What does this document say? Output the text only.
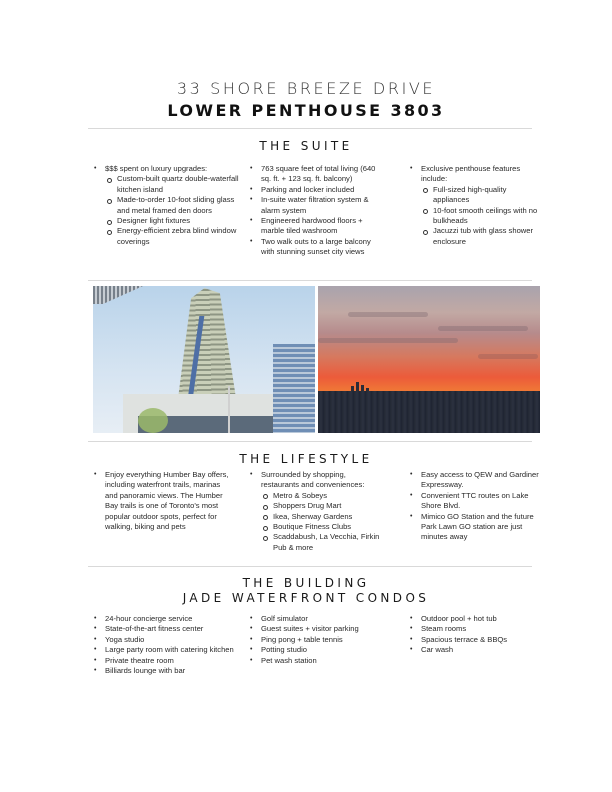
33 SHORE BREEZE DRIVE
LOWER PENTHOUSE 3803
THE SUITE
• $$$ spent on luxury upgrades:
Custom-built quartz double-waterfall kitchen island
Made-to-order 10-foot sliding glass and metal framed den doors
Designer light fixtures
Energy-efficient zebra blind window coverings
• 763 square feet of total living (640 sq. ft. + 123 sq. ft. balcony)
• Parking and locker included
• In-suite water filtration system & alarm system
• Engineered hardwood floors + marble tiled washroom
• Two walk outs to a large balcony with stunning sunset city views
• Exclusive penthouse features include:
Full-sized high-quality appliances
10-foot smooth ceilings with no bulkheads
Jacuzzi tub with glass shower enclosure
THE LIFESTYLE
• Enjoy everything Humber Bay offers, including waterfront trails, marinas and panoramic views. The Humber Bay trails is one of Toronto's most popular outdoor spots, perfect for walking, biking and pets
• Surrounded by shopping, restaurants and conveniences:
Metro & Sobeys
Shoppers Drug Mart
Ikea, Sherway Gardens
Boutique Fitness Clubs
Scaddabush, La Vecchia, Firkin Pub & more
• Easy access to QEW and Gardiner Expressway.
• Convenient TTC routes on Lake Shore Blvd.
• Mimico GO Station and the future Park Lawn GO station are just minutes away
THE BUILDING
JADE WATERFRONT CONDOS
• 24-hour concierge service
• State-of-the-art fitness center
• Yoga studio
• Large party room with catering kitchen
• Private theatre room
• Billiards lounge with bar
• Golf simulator
• Guest suites + visitor parking
• Ping pong + table tennis
• Potting studio
• Pet wash station
• Outdoor pool + hot tub
• Steam rooms
• Spacious terrace & BBQs
• Car wash
